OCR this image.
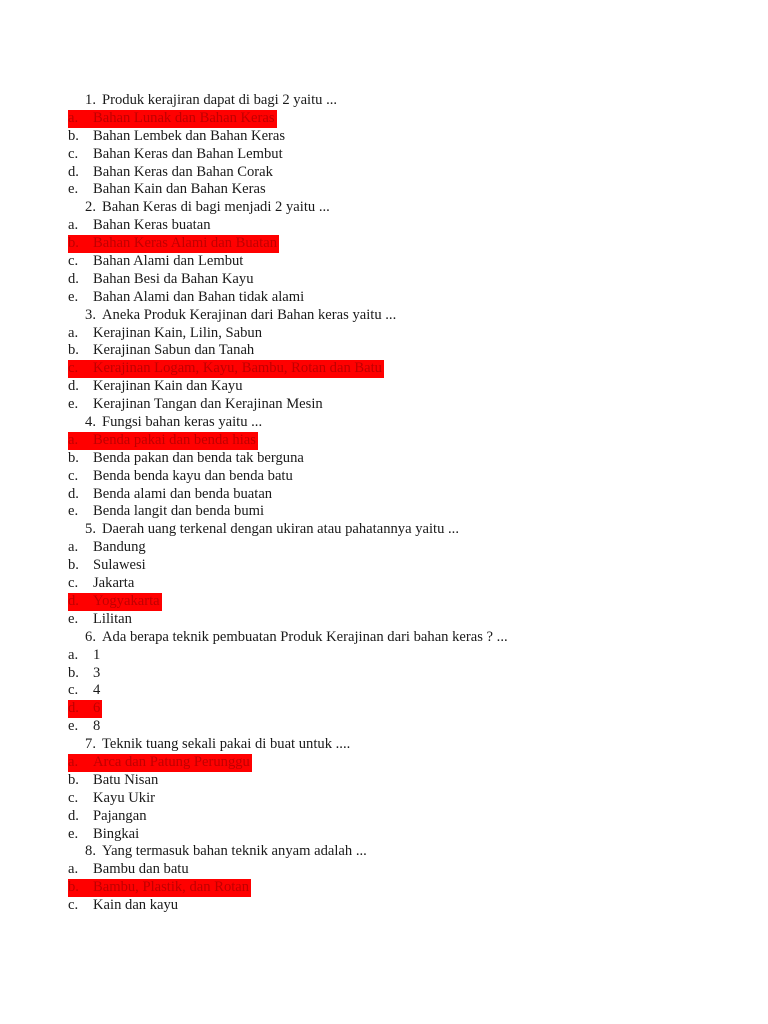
1. Produk kerajiran dapat di bagi 2 yaitu ...
a. Bahan Lunak dan Bahan Keras
b. Bahan Lembek dan Bahan Keras
c. Bahan Keras dan Bahan Lembut
d. Bahan Keras dan Bahan Corak
e. Bahan Kain dan Bahan Keras
2. Bahan Keras di bagi menjadi 2 yaitu ...
a. Bahan Keras buatan
b. Bahan Keras Alami dan Buatan
c. Bahan Alami dan Lembut
d. Bahan Besi da Bahan Kayu
e. Bahan Alami dan Bahan tidak alami
3. Aneka Produk Kerajinan dari Bahan keras yaitu ...
a. Kerajinan Kain, Lilin, Sabun
b. Kerajinan Sabun dan Tanah
c. Kerajinan Logam, Kayu, Bambu, Rotan dan Batu
d. Kerajinan Kain dan Kayu
e. Kerajinan Tangan dan Kerajinan Mesin
4. Fungsi bahan keras yaitu ...
a. Benda pakai dan benda hias
b. Benda pakan dan benda tak berguna
c. Benda benda kayu dan benda batu
d. Benda alami dan benda buatan
e. Benda langit dan benda bumi
5. Daerah uang terkenal dengan ukiran atau pahatannya yaitu ...
a. Bandung
b. Sulawesi
c. Jakarta
d. Yogyakarta
e. Lilitan
6. Ada berapa teknik pembuatan Produk Kerajinan dari bahan keras ? ...
a. 1
b. 3
c. 4
d. 6
e. 8
7. Teknik tuang sekali pakai di buat untuk ....
a. Arca dan Patung Perunggu
b. Batu Nisan
c. Kayu Ukir
d. Pajangan
e. Bingkai
8. Yang termasuk bahan teknik anyam adalah ...
a. Bambu dan batu
b. Bambu, Plastik, dan Rotan
c. Kain dan kayu
